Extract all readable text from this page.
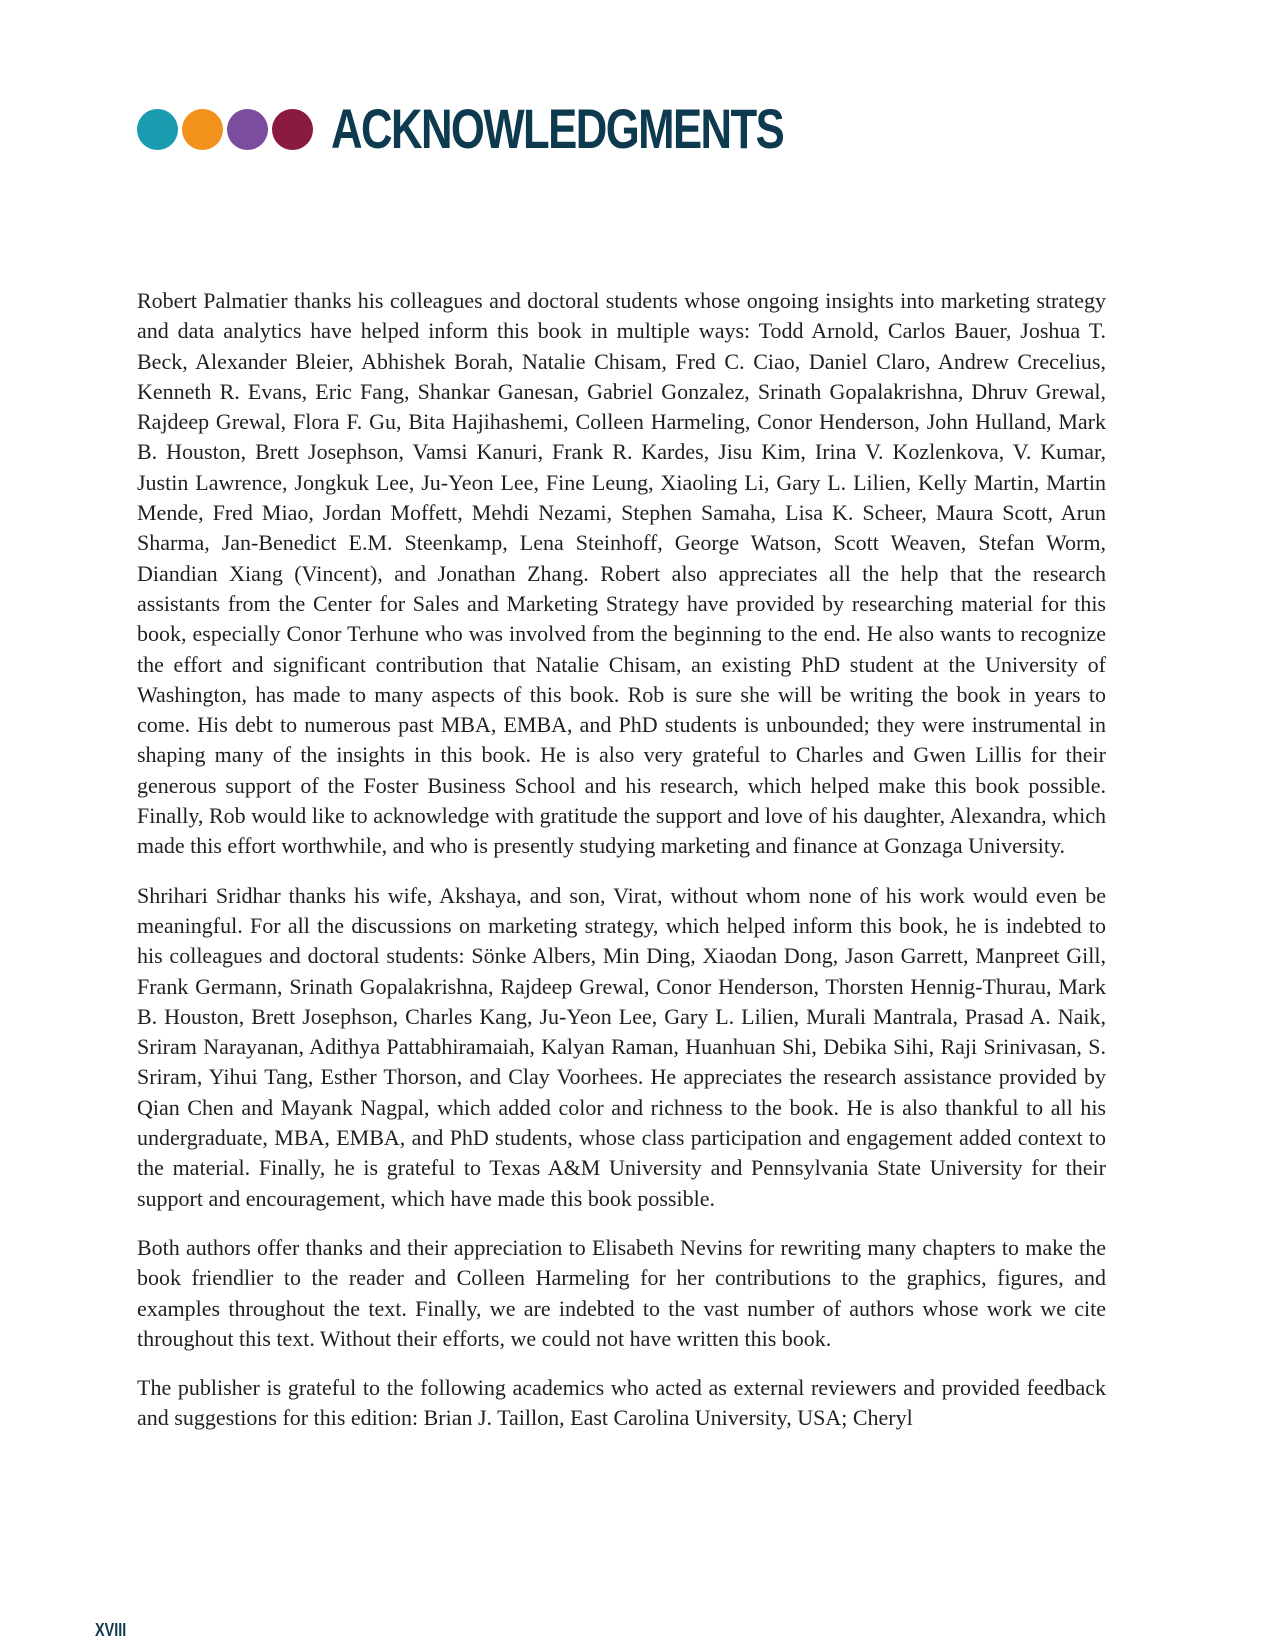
ACKNOWLEDGMENTS

Robert Palmatier thanks his colleagues and doctoral students whose ongoing insights into marketing strategy and data analytics have helped inform this book in multiple ways: Todd Arnold, Carlos Bauer, Joshua T. Beck, Alexander Bleier, Abhishek Borah, Natalie Chisam, Fred C. Ciao, Daniel Claro, Andrew Crecelius, Kenneth R. Evans, Eric Fang, Shankar Ganesan, Gabriel Gonzalez, Srinath Gopalakrishna, Dhruv Grewal, Rajdeep Grewal, Flora F. Gu, Bita Hajihashemi, Colleen Harmeling, Conor Henderson, John Hulland, Mark B. Houston, Brett Josephson, Vamsi Kanuri, Frank R. Kardes, Jisu Kim, Irina V. Kozlenkova, V. Kumar, Justin Lawrence, Jongkuk Lee, Ju-Yeon Lee, Fine Leung, Xiaoling Li, Gary L. Lilien, Kelly Martin, Martin Mende, Fred Miao, Jordan Moffett, Mehdi Nezami, Stephen Samaha, Lisa K. Scheer, Maura Scott, Arun Sharma, Jan-Benedict E.M. Steenkamp, Lena Steinhoff, George Watson, Scott Weaven, Stefan Worm, Diandian Xiang (Vincent), and Jonathan Zhang. Robert also appreciates all the help that the research assistants from the Center for Sales and Marketing Strategy have provided by researching material for this book, especially Conor Terhune who was involved from the beginning to the end. He also wants to recognize the effort and significant contribution that Natalie Chisam, an existing PhD student at the University of Washington, has made to many aspects of this book. Rob is sure she will be writing the book in years to come. His debt to numerous past MBA, EMBA, and PhD students is unbounded; they were instrumental in shaping many of the insights in this book. He is also very grateful to Charles and Gwen Lillis for their generous support of the Foster Business School and his research, which helped make this book possible. Finally, Rob would like to acknowledge with gratitude the support and love of his daughter, Alexandra, which made this effort worthwhile, and who is presently studying marketing and finance at Gonzaga University.

Shrihari Sridhar thanks his wife, Akshaya, and son, Virat, without whom none of his work would even be meaningful. For all the discussions on marketing strategy, which helped inform this book, he is indebted to his colleagues and doctoral students: Sönke Albers, Min Ding, Xiaodan Dong, Jason Garrett, Manpreet Gill, Frank Germann, Srinath Gopalakrishna, Rajdeep Grewal, Conor Henderson, Thorsten Hennig-Thurau, Mark B. Houston, Brett Josephson, Charles Kang, Ju-Yeon Lee, Gary L. Lilien, Murali Mantrala, Prasad A. Naik, Sriram Narayanan, Adithya Pattabhiramaiah, Kalyan Raman, Huanhuan Shi, Debika Sihi, Raji Srinivasan, S. Sriram, Yihui Tang, Esther Thorson, and Clay Voorhees. He appreciates the research assistance provided by Qian Chen and Mayank Nagpal, which added color and richness to the book. He is also thankful to all his undergraduate, MBA, EMBA, and PhD students, whose class participation and engagement added context to the material. Finally, he is grateful to Texas A&M University and Pennsylvania State University for their support and encouragement, which have made this book possible.

Both authors offer thanks and their appreciation to Elisabeth Nevins for rewriting many chapters to make the book friendlier to the reader and Colleen Harmeling for her contributions to the graphics, figures, and examples throughout the text. Finally, we are indebted to the vast number of authors whose work we cite throughout this text. Without their efforts, we could not have written this book.

The publisher is grateful to the following academics who acted as external reviewers and provided feedback and suggestions for this edition: Brian J. Taillon, East Carolina University, USA; Cheryl

XVIII
